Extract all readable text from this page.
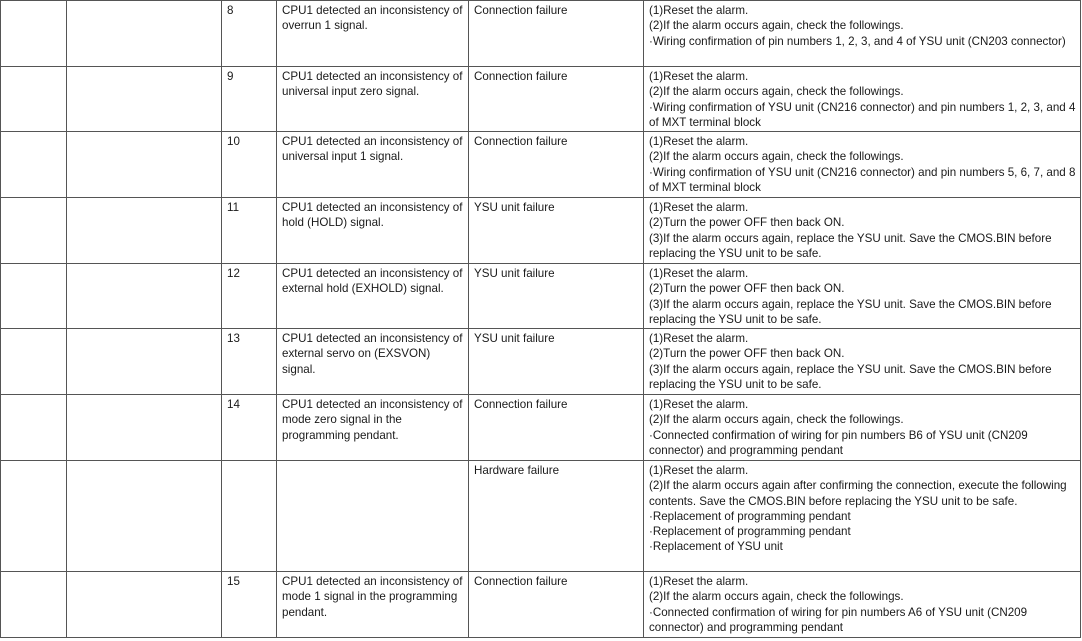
		8	CPU1 detected an inconsistency of overrun 1 signal.	Connection failure	(1)Reset the alarm.
(2)If the alarm occurs again, check the followings.
·Wiring confirmation of pin numbers 1, 2, 3, and 4 of YSU unit (CN203 connector)

		9	CPU1 detected an inconsistency of universal input zero signal.	Connection failure	(1)Reset the alarm.
(2)If the alarm occurs again, check the followings.
·Wiring confirmation of YSU unit (CN216 connector) and pin numbers 1, 2, 3, and 4 of MXT terminal block

		10	CPU1 detected an inconsistency of universal input 1 signal.	Connection failure	(1)Reset the alarm.
(2)If the alarm occurs again, check the followings.
·Wiring confirmation of YSU unit (CN216 connector) and pin numbers 5, 6, 7, and 8 of MXT terminal block

		11	CPU1 detected an inconsistency of hold (HOLD) signal.	YSU unit failure	(1)Reset the alarm.
(2)Turn the power OFF then back ON.
(3)If the alarm occurs again, replace the YSU unit. Save the CMOS.BIN before replacing the YSU unit to be safe.

		12	CPU1 detected an inconsistency of external hold (EXHOLD) signal.	YSU unit failure	(1)Reset the alarm.
(2)Turn the power OFF then back ON.
(3)If the alarm occurs again, replace the YSU unit. Save the CMOS.BIN before replacing the YSU unit to be safe.

		13	CPU1 detected an inconsistency of external servo on (EXSVON) signal.	YSU unit failure	(1)Reset the alarm.
(2)Turn the power OFF then back ON.
(3)If the alarm occurs again, replace the YSU unit. Save the CMOS.BIN before replacing the YSU unit to be safe.

		14	CPU1 detected an inconsistency of mode zero signal in the programming pendant.	Connection failure	(1)Reset the alarm.
(2)If the alarm occurs again, check the followings.
·Connected confirmation of wiring for pin numbers B6 of YSU unit (CN209 connector) and programming pendant

				Hardware failure	(1)Reset the alarm.
(2)If the alarm occurs again after confirming the connection, execute the following contents. Save the CMOS.BIN before replacing the YSU unit to be safe.
·Replacement of programming pendant
·Replacement of programming pendant
·Replacement of YSU unit

		15	CPU1 detected an inconsistency of mode 1 signal in the programming pendant.	Connection failure	(1)Reset the alarm.
(2)If the alarm occurs again, check the followings.
·Connected confirmation of wiring for pin numbers A6 of YSU unit (CN209 connector) and programming pendant
